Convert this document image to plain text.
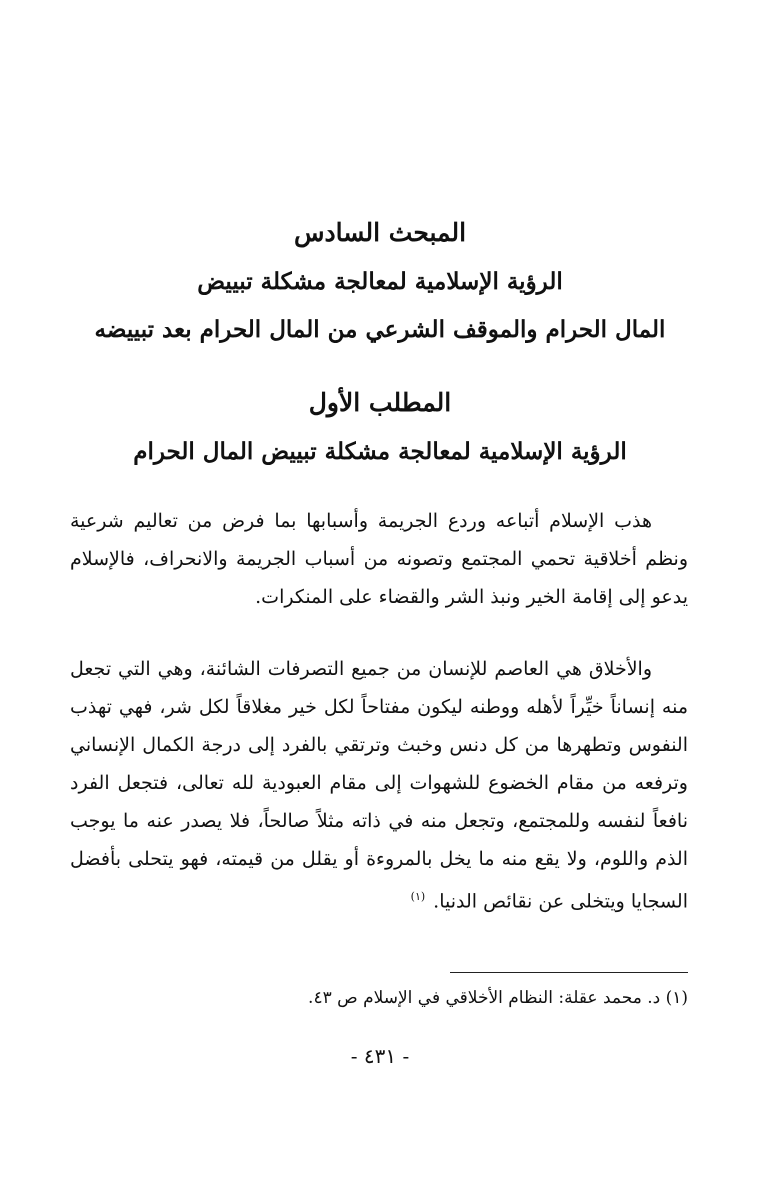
المبحث السادس
الرؤية الإسلامية لمعالجة مشكلة تبييض
المال الحرام والموقف الشرعي من المال الحرام بعد تبييضه
المطلب الأول
الرؤية الإسلامية لمعالجة مشكلة تبييض المال الحرام
هذب الإسلام أتباعه وردع الجريمة وأسبابها بما فرض من تعاليم شرعية ونظم أخلاقية تحمي المجتمع وتصونه من أسباب الجريمة والانحراف، فالإسلام يدعو إلى إقامة الخير ونبذ الشر والقضاء على المنكرات.
والأخلاق هي العاصم للإنسان من جميع التصرفات الشائنة، وهي التي تجعل منه إنساناً خيِّراً لأهله ووطنه ليكون مفتاحاً لكل خير مغلاقاً لكل شر، فهي تهذب النفوس وتطهرها من كل دنس وخبث وترتقي بالفرد إلى درجة الكمال الإنساني وترفعه من مقام الخضوع للشهوات إلى مقام العبودية لله تعالى، فتجعل الفرد نافعاً لنفسه وللمجتمع، وتجعل منه في ذاته مثلاً صالحاً، فلا يصدر عنه ما يوجب الذم واللوم، ولا يقع منه ما يخل بالمروءة أو يقلل من قيمته، فهو يتحلى بأفضل السجايا ويتخلى عن نقائص الدنيا.$^{(١)}$
(١) د. محمد عقلة: النظام الأخلاقي في الإسلام ص ٤٣.
- ٤٣١ -
